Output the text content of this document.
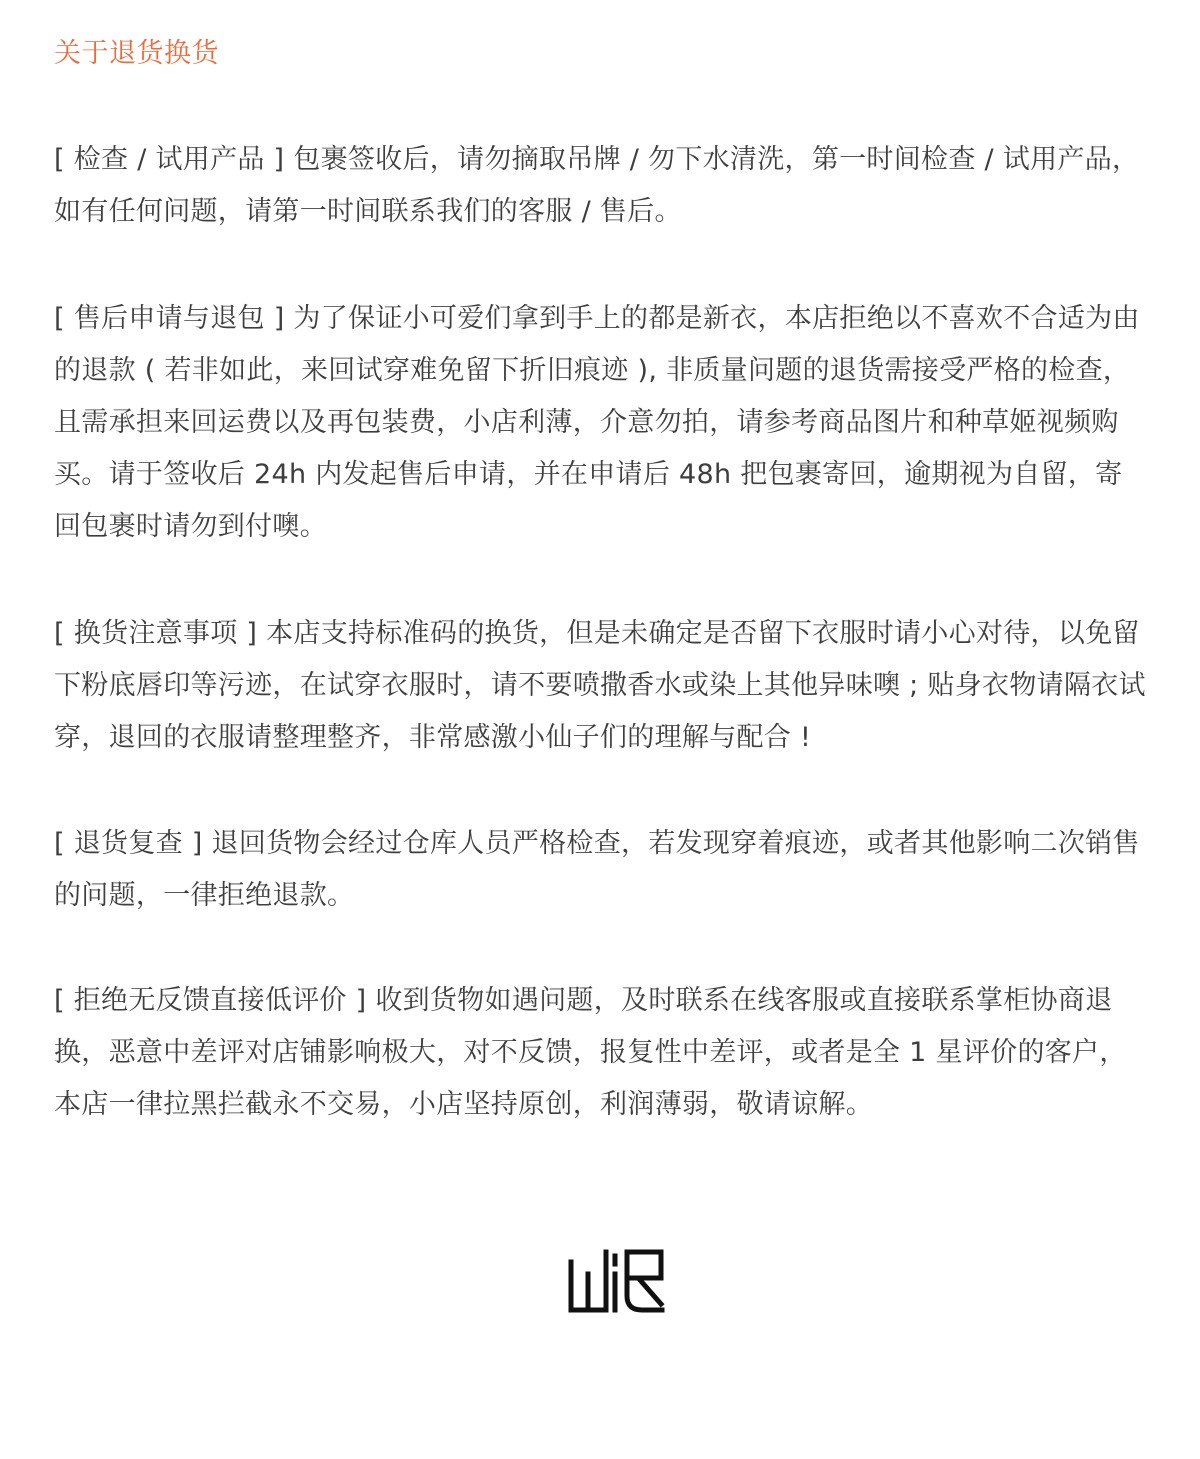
关于退货换货

[ 检查 / 试用产品 ] 包裹签收后，请勿摘取吊牌 / 勿下水清洗，第一时间检查 / 试用产品，如有任何问题，请第一时间联系我们的客服 / 售后。

[ 售后申请与退包 ] 为了保证小可爱们拿到手上的都是新衣，本店拒绝以不喜欢不合适为由的退款 ( 若非如此，来回试穿难免留下折旧痕迹 ), 非质量问题的退货需接受严格的检查，且需承担来回运费以及再包装费，小店利薄，介意勿拍，请参考商品图片和种草姬视频购买。请于签收后 24h 内发起售后申请，并在申请后 48h 把包裹寄回，逾期视为自留，寄回包裹时请勿到付噢。

[ 换货注意事项 ] 本店支持标准码的换货，但是未确定是否留下衣服时请小心对待，以免留下粉底唇印等污迹，在试穿衣服时，请不要喷撒香水或染上其他异味噢 ; 贴身衣物请隔衣试穿，退回的衣服请整理整齐，非常感激小仙子们的理解与配合 !

[ 退货复查 ] 退回货物会经过仓库人员严格检查，若发现穿着痕迹，或者其他影响二次销售的问题，一律拒绝退款。

[ 拒绝无反馈直接低评价 ] 收到货物如遇问题，及时联系在线客服或直接联系掌柜协商退换，恶意中差评对店铺影响极大，对不反馈，报复性中差评，或者是全 1 星评价的客户，本店一律拉黑拦截永不交易，小店坚持原创，利润薄弱，敬请谅解。
